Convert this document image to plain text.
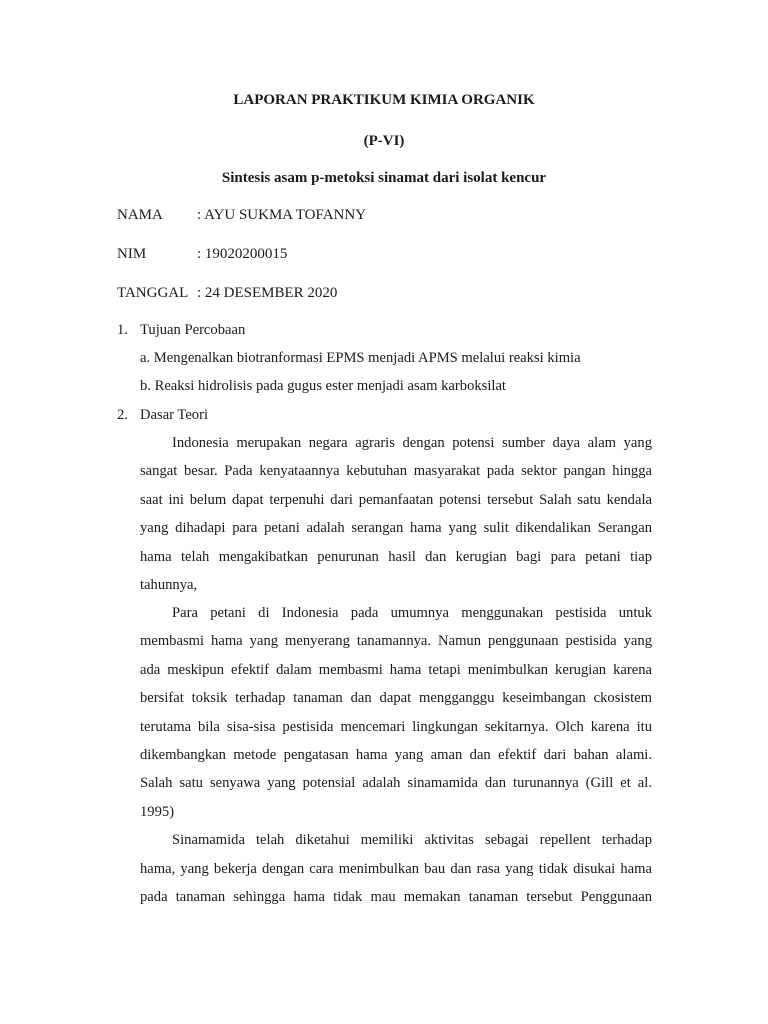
LAPORAN PRAKTIKUM KIMIA ORGANIK
(P-VI)
Sintesis asam p-metoksi sinamat dari isolat kencur
NAMA : AYU SUKMA TOFANNY
NIM	: 19020200015
TANGGAL : 24 DESEMBER 2020
1. Tujuan Percobaan
a. Mengenalkan biotranformasi EPMS menjadi APMS melalui reaksi kimia
b. Reaksi hidrolisis pada gugus ester menjadi asam karboksilat
2. Dasar Teori
Indonesia merupakan negara agraris dengan potensi sumber daya alam yang
sangat besar. Pada kenyataannya kebutuhan masyarakat pada sektor pangan hingga
saat ini belum dapat terpenuhi dari pemanfaatan potensi tersebut Salah satu kendala
yang dihadapi para petani adalah serangan hama yang sulit dikendalikan Serangan
hama telah mengakibatkan penurunan hasil dan kerugian bagi para petani tiap
tahunnya,
Para petani di Indonesia pada umumnya menggunakan pestisida untuk
membasmi hama yang menyerang tanamannya. Namun penggunaan pestisida yang
ada meskipun efektif dalam membasmi hama tetapi menimbulkan kerugian karena
bersifat toksik terhadap tanaman dan dapat mengganggu keseimbangan ckosistem
terutama bila sisa-sisa pestisida mencemari lingkungan sekitarnya. Olch karena itu
dikembangkan metode pengatasan hama yang aman dan efektif dari bahan alami.
Salah satu senyawa yang potensial adalah sinamamida dan turunannya (Gill et al.
1995)
Sinamamida telah diketahui memiliki aktivitas sebagai repellent terhadap
hama, yang bekerja dengan cara menimbulkan bau dan rasa yang tidak disukai hama
pada tanaman sehingga hama tidak mau memakan tanaman tersebut Penggunaan
